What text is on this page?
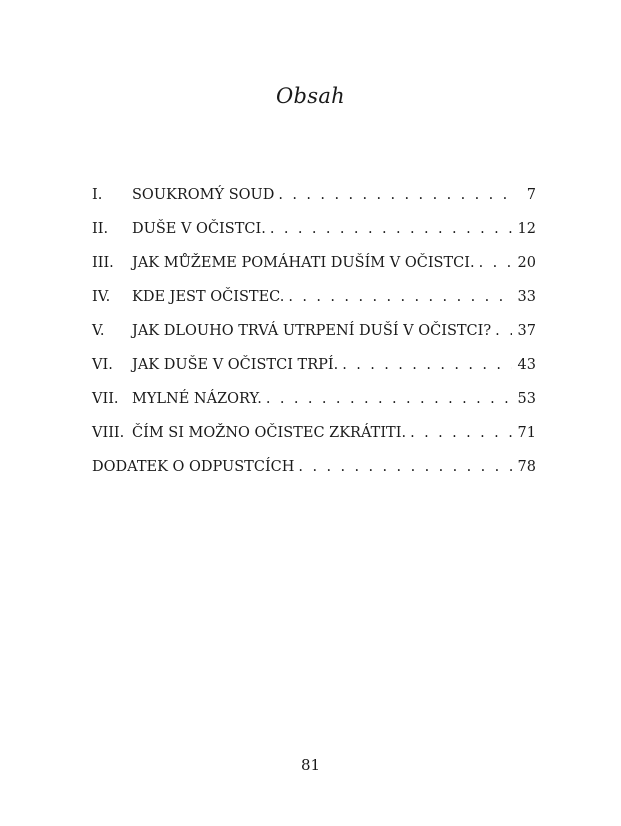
Obsah
I.	SOUKROMÝ SOUD . . .	7
II.	DUŠE V OČISTCI. . . .	12
III.	JAK MŮŽEME POMÁHATI DUŠÍM V OČISTCI. . . .	20
IV.	KDE JEST OČISTEC. . . .	33
V.	JAK DLOUHO TRVÁ UTRPENÍ DUŠÍ V OČISTCI? . . . 37
VI.	JAK DUŠE V OČISTCI TRPÍ. . . .	43
VII. MYLNÉ NÁZORY. . . .	53
VIII. ČÍM SI MOŽNO OČISTEC ZKRÁTITI. . . .	71
DODATEK O ODPUSTCÍCH . . .	78
81
